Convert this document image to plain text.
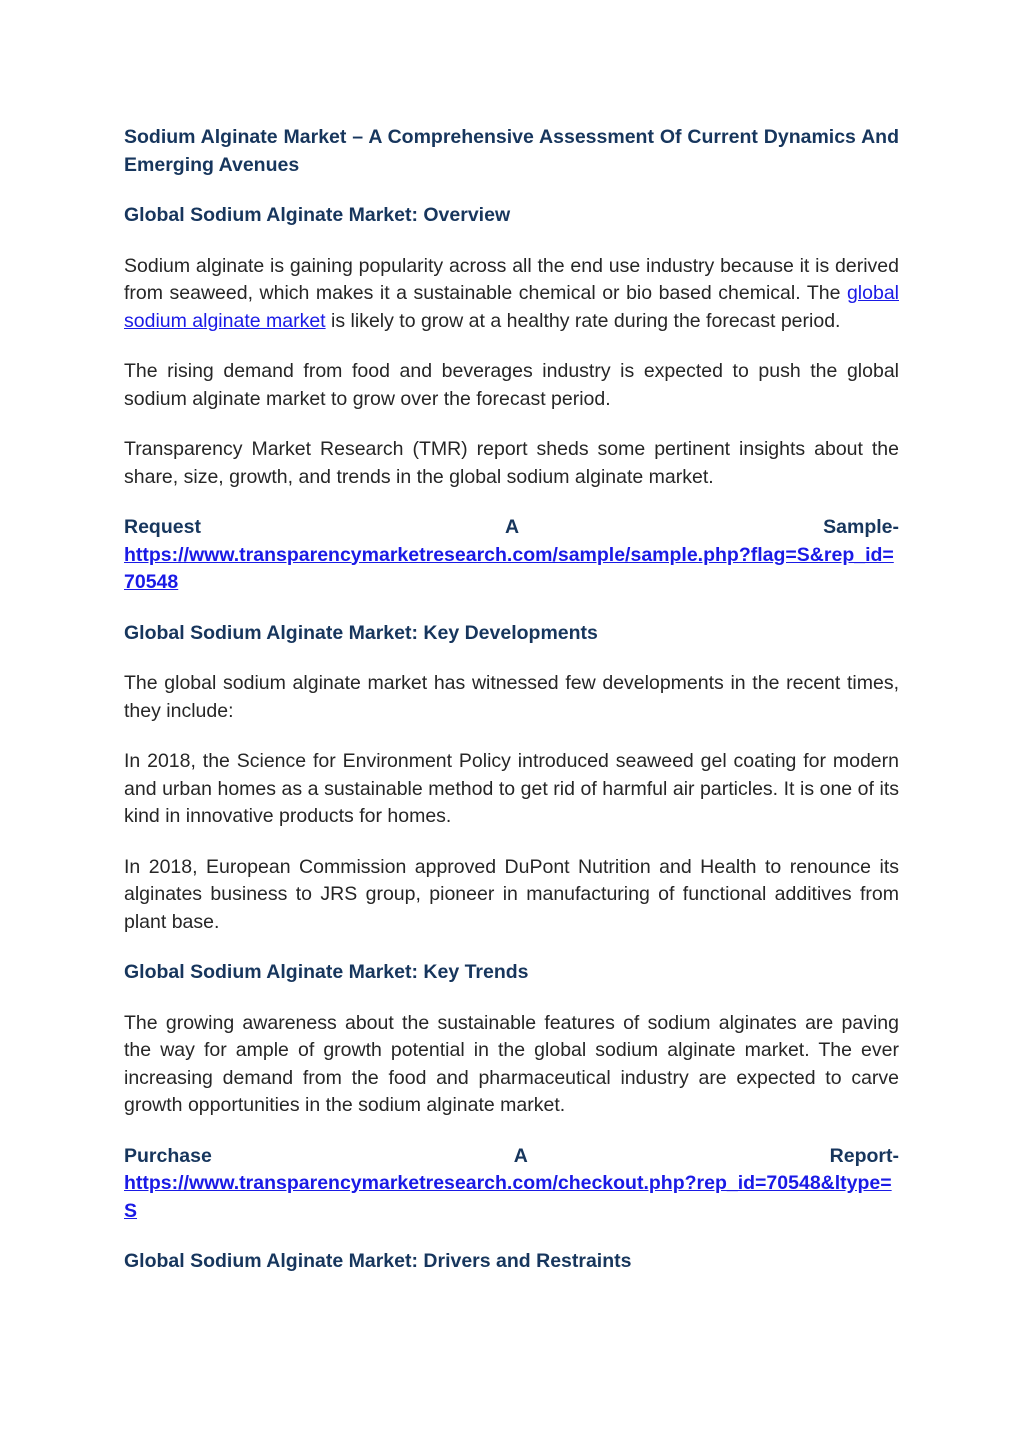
Sodium Alginate Market – A Comprehensive Assessment Of Current Dynamics And Emerging Avenues
Global Sodium Alginate Market: Overview

Sodium alginate is gaining popularity across all the end use industry because it is derived from seaweed, which makes it a sustainable chemical or bio based chemical. The global sodium alginate market is likely to grow at a healthy rate during the forecast period.

The rising demand from food and beverages industry is expected to push the global sodium alginate market to grow over the forecast period.

Transparency Market Research (TMR) report sheds some pertinent insights about the share, size, growth, and trends in the global sodium alginate market.

Request	A	Sample-
https://www.transparencymarketresearch.com/sample/sample.php?flag=S&rep_id=70548
Global Sodium Alginate Market: Key Developments

The global sodium alginate market has witnessed few developments in the recent times, they include:

In 2018, the Science for Environment Policy introduced seaweed gel coating for modern and urban homes as a sustainable method to get rid of harmful air particles. It is one of its kind in innovative products for homes.

In 2018, European Commission approved DuPont Nutrition and Health to renounce its alginates business to JRS group, pioneer in manufacturing of functional additives from plant base.

Global Sodium Alginate Market: Key Trends

The growing awareness about the sustainable features of sodium alginates are paving the way for ample of growth potential in the global sodium alginate market. The ever increasing demand from the food and pharmaceutical industry are expected to carve growth opportunities in the sodium alginate market.

Purchase	A	Report-
https://www.transparencymarketresearch.com/checkout.php?rep_id=70548&ltype=S
Global Sodium Alginate Market: Drivers and Restraints
